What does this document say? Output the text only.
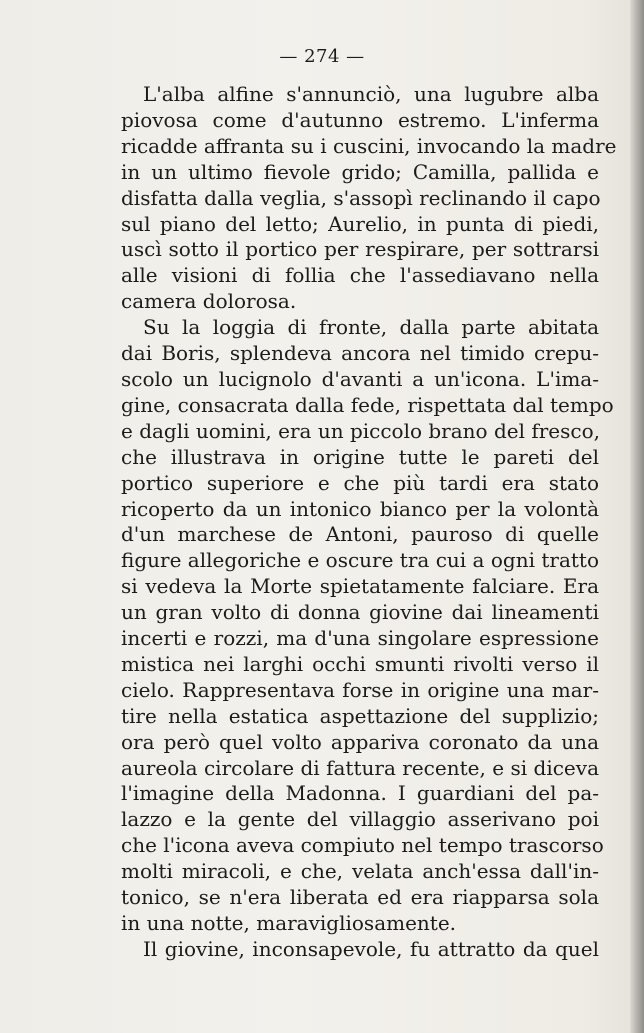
— 274 —
L'alba alfine s'annunciò, una lugubre alba
piovosa come d'autunno estremo. L'inferma
ricadde affranta su i cuscini, invocando la madre
in un ultimo fievole grido; Camilla, pallida e
disfatta dalla veglia, s'assopì reclinando il capo
sul piano del letto; Aurelio, in punta di piedi,
uscì sotto il portico per respirare, per sottrarsi
alle visioni di follia che l'assediavano nella
camera dolorosa.
Su la loggia di fronte, dalla parte abitata
dai Boris, splendeva ancora nel timido crepu-
scolo un lucignolo d'avanti a un'icona. L'ima-
gine, consacrata dalla fede, rispettata dal tempo
e dagli uomini, era un piccolo brano del fresco,
che illustrava in origine tutte le pareti del
portico superiore e che più tardi era stato
ricoperto da un intonico bianco per la volontà
d'un marchese de Antoni, pauroso di quelle
figure allegoriche e oscure tra cui a ogni tratto
si vedeva la Morte spietatamente falciare. Era
un gran volto di donna giovine dai lineamenti
incerti e rozzi, ma d'una singolare espressione
mistica nei larghi occhi smunti rivolti verso il
cielo. Rappresentava forse in origine una mar-
tire nella estatica aspettazione del supplizio;
ora però quel volto appariva coronato da una
aureola circolare di fattura recente, e si diceva
l'imagine della Madonna. I guardiani del pa-
lazzo e la gente del villaggio asserivano poi
che l'icona aveva compiuto nel tempo trascorso
molti miracoli, e che, velata anch'essa dall'in-
tonico, se n'era liberata ed era riapparsa sola
in una notte, maravigliosamente.
Il giovine, inconsapevole, fu attratto da quel
